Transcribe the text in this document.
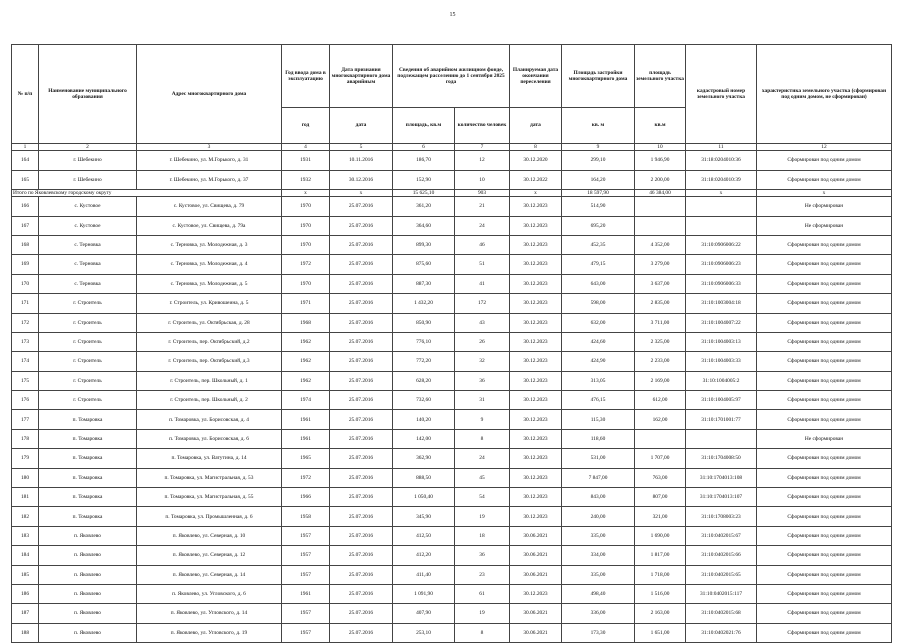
15
№ п/п	Наименование муниципального образования	Адрес многоквартирного дома	Год ввода дома в эксплуатацию	Дата признания многоквартирного дома аварийным	Сведения об аварийном жилищном фонде, подлежащем расселению до 1 сентября 2025 года		Планируемая дата окончания переселения	Площадь застройки многоквартирного дома	площадь земельного участка	кадастровый номер земельного участка	характеристика земельного участка (сформирован под одним домом, не сформирован)
			год	дата	площадь, кв.м	количество человек	дата	кв. м	кв.м		
1	2	3	4	5	6	7	8	9	10	11	12
164	г. Шебекино	г. Шебекино, ул. М.Горького, д. 31	1931	10.11.2016	186,70	12	30.12.2020	299,10	1 946,90	31:18:0204010:36	Сформирован под одним домом
165	г. Шебекино	г. Шебекино, ул. М.Горького, д. 37	1932	30.12.2016	152,90	10	30.12.2022	164,20	2 200,00	31:18:0204010:39	Сформирован под одним домом
Итого по Яковлевскому городскому округу			x	x	15 625,10	903	x	18 597,90	46 384,00	x	x
166	с. Кустовое	с. Кустовое, ул. Свищева, д. 79	1970	25.07.2016	361,20	21	30.12.2023	514,90			Не сформирован
167	с. Кустовое	с. Кустовое, ул. Свищева, д. 79а	1970	25.07.2016	364,60	24	30.12.2023	695,20			Не сформирован
168	с. Терновка	с. Терновка, ул. Молодежная, д. 3	1970	25.07.2016	899,30	46	30.12.2023	452,35	4 352,00	31:10:0906006:22	Сформирован под одним домом
169	с. Терновка	с. Терновка, ул. Молодежная, д. 4	1972	25.07.2016	875,60	51	30.12.2023	479,15	3 279,00	31:10:0906006:23	Сформирован под одним домом
170	с. Терновка	с. Терновка, ул. Молодежная, д. 5	1970	25.07.2016	887,30	41	30.12.2023	643,00	3 637,00	31:10:0906006:33	Сформирован под одним домом
171	г. Строитель	г. Строитель, ул. Кривошеина, д. 5	1971	25.07.2016	1 432,20	172	30.12.2023	598,00	2 835,00	31:10:1003004:18	Сформирован под одним домом
172	г. Строитель	г. Строитель, ул. Октябрьская, д. 28	1968	25.07.2016	850,90	43	30.12.2023	632,00	3 711,00	31:10:1004007:22	Сформирован под одним домом
173	г. Строитель	г. Строитель, пер. Октябрьский, д.2	1962	25.07.2016	776,10	26	30.12.2023	424,60	2 325,00	31:10:1004003:13	Сформирован под одним домом
174	г. Строитель	г. Строитель, пер. Октябрьский, д.3	1962	25.07.2016	772,20	32	30.12.2023	424,90	2 233,00	31:10:1004003:33	Сформирован под одним домом
175	г. Строитель	г. Строитель, пер. Школьный, д. 1	1962	25.07.2016	628,20	36	30.12.2023	313,05	2 169,00	31:10:1004005:2	Сформирован под одним домом
176	г. Строитель	г. Строитель, пер. Школьный, д. 2	1974	25.07.2016	732,60	31	30.12.2023	476,15	612,00	31:10:1004005:97	Сформирован под одним домом
177	п. Томаровка	п. Томаровка, ул. Борисовская, д. 4	1961	25.07.2016	140,20	9	30.12.2023	115,30	162,00	31:10:1701001:77	Сформирован под одним домом
178	п. Томаровка	п. Томаровка, ул. Борисовская, д. 6	1961	25.07.2016	142,00	8	30.12.2023	118,60			Не сформирован
179	п. Томаровка	п. Томаровка, ул. Ватутина, д. 14	1965	25.07.2016	362,90	24	30.12.2023	531,00	1 707,00	31:10:1704008:50	Сформирован под одним домом
180	п. Томаровка	п. Томаровка, ул. Магистральная, д. 53	1972	25.07.2016	888,50	45	30.12.2023	7 847,00	763,00	31:10:1704013:108	Сформирован под одним домом
181	п. Томаровка	п. Томаровка, ул. Магистральная, д. 55	1966	25.07.2016	1 050,40	54	30.12.2023	843,00	807,00	31:10:1704013:107	Сформирован под одним домом
182	п. Томаровка	п. Томаровка, ул. Промышленная, д. 6	1958	25.07.2016	345,90	19	30.12.2023	240,00	321,00	31:10:1708003:23	Сформирован под одним домом
183	п. Яковлево	п. Яковлево, ул. Северная, д. 10	1957	25.07.2016	412,50	18	30.06.2021	335,00	1 690,00	31:10:0402015:67	Сформирован под одним домом
184	п. Яковлево	п. Яковлево, ул. Северная, д. 12	1957	25.07.2016	412,20	36	30.06.2021	334,00	1 817,00	31:10:0402015:66	Сформирован под одним домом
185	п. Яковлево	п. Яковлево, ул. Северная, д. 14	1957	25.07.2016	411,40	23	30.06.2021	335,00	1 718,00	31:10:0402015:65	Сформирован под одним домом
186	п. Яковлево	п. Яковлево, ул. Угловского, д. 6	1961	25.07.2016	1 091,90	61	30.12.2023	498,40	1 516,00	31:10:0402015:117	Сформирован под одним домом
187	п. Яковлево	п. Яковлево, ул. Угловского, д. 14	1957	25.07.2016	407,90	19	30.06.2021	336,00	2 163,00	31:10:0402015:68	Сформирован под одним домом
188	п. Яковлево	п. Яковлево, ул. Угловского, д. 19	1957	25.07.2016	253,10	8	30.06.2021	173,30	1 651,00	31:10:0402021:76	Сформирован под одним домом
